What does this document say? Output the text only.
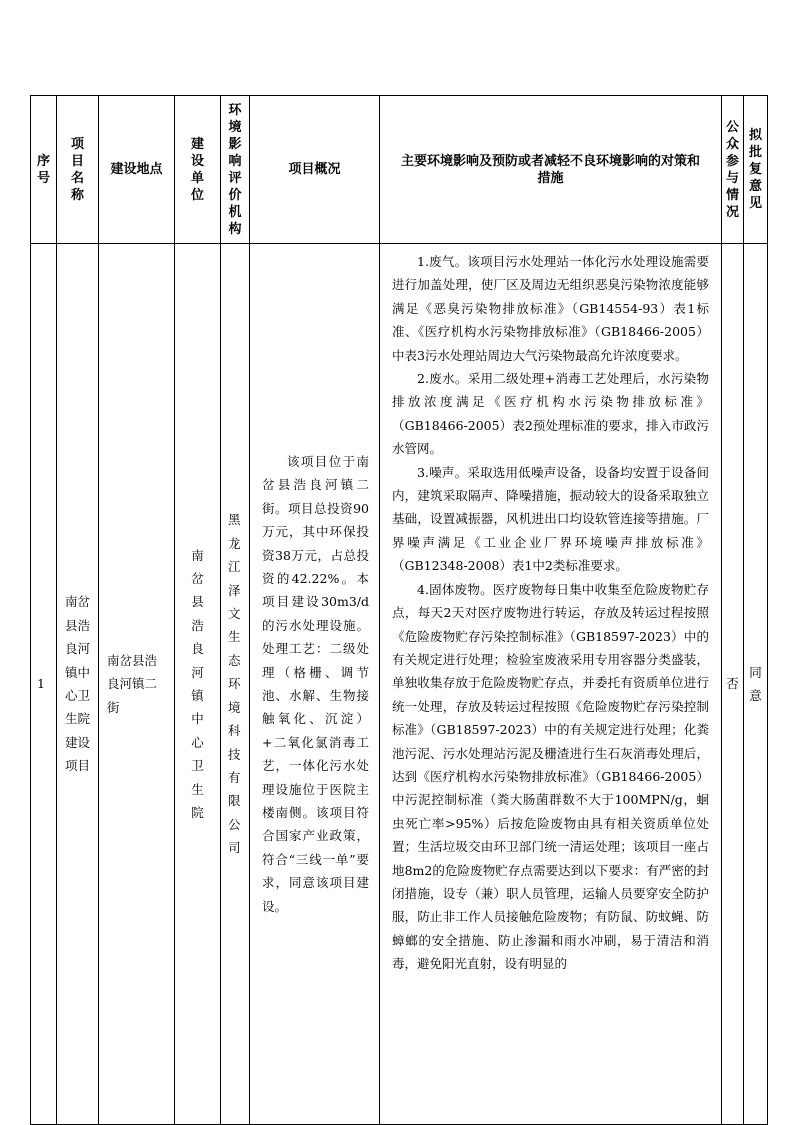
序号	项目名称	建设地点	建设单位	环境影响评价机构	项目概况	主要环境影响及预防或者减轻不良环境影响的对策和措施	公众参与情况	拟批复意见

1	南岔县浩良河镇中心卫生院建设项目	南岔县浩良河镇二街	南岔县浩良河镇中心卫生院	黑龙江泽文生态环境科技有限公司	该项目位于南岔县浩良河镇二街。项目总投资90万元，其中环保投资38万元，占总投资的42.22%。本项目建设30m3/d的污水处理设施。处理工艺：二级处理（格栅、调节池、水解、生物接触氧化、沉淀）+二氧化氯消毒工艺，一体化污水处理设施位于医院主楼南侧。该项目符合国家产业政策，符合“三线一单”要求，同意该项目建设。	1.废气。该项目污水处理站一体化污水处理设施需要进行加盖处理，使厂区及周边无组织恶臭污染物浓度能够满足《恶臭污染物排放标准》（GB14554-93）表1标准、《医疗机构水污染物排放标准》（GB18466-2005）中表3污水处理站周边大气污染物最高允许浓度要求。

2.废水。采用二级处理+消毒工艺处理后，水污染物排放浓度满足《医疗机构水污染物排放标准》（GB18466-2005）表2预处理标准的要求，排入市政污水管网。

3.噪声。采取选用低噪声设备，设备均安置于设备间内，建筑采取隔声、降噪措施，振动较大的设备采取独立基础，设置减振器，风机进出口均设软管连接等措施。厂界噪声满足《工业企业厂界环境噪声排放标准》（GB12348-2008）表1中2类标准要求。

4.固体废物。医疗废物每日集中收集至危险废物贮存点，每天2天对医疗废物进行转运，存放及转运过程按照《危险废物贮存污染控制标准》（GB18597-2023）中的有关规定进行处理；检验室废液采用专用容器分类盛装，单独收集存放于危险废物贮存点，并委托有资质单位进行统一处理，存放及转运过程按照《危险废物贮存污染控制标准》（GB18597-2023）中的有关规定进行处理；化粪池污泥、污水处理站污泥及栅渣进行生石灰消毒处理后，达到《医疗机构水污染物排放标准》（GB18466-2005）中污泥控制标准（粪大肠菌群数不大于100MPN/g，蛔虫死亡率>95%）后按危险废物由具有相关资质单位处置；生活垃圾交由环卫部门统一清运处理；该项目一座占地8m2的危险废物贮存点需要达到以下要求：有严密的封闭措施，设专（兼）职人员管理，运输人员要穿安全防护服，防止非工作人员接触危险废物；有防鼠、防蚊蝇、防蟑螂的安全措施、防止渗漏和雨水冲刷，易于清洁和消毒，避免阳光直射，设有明显的	否	同意
